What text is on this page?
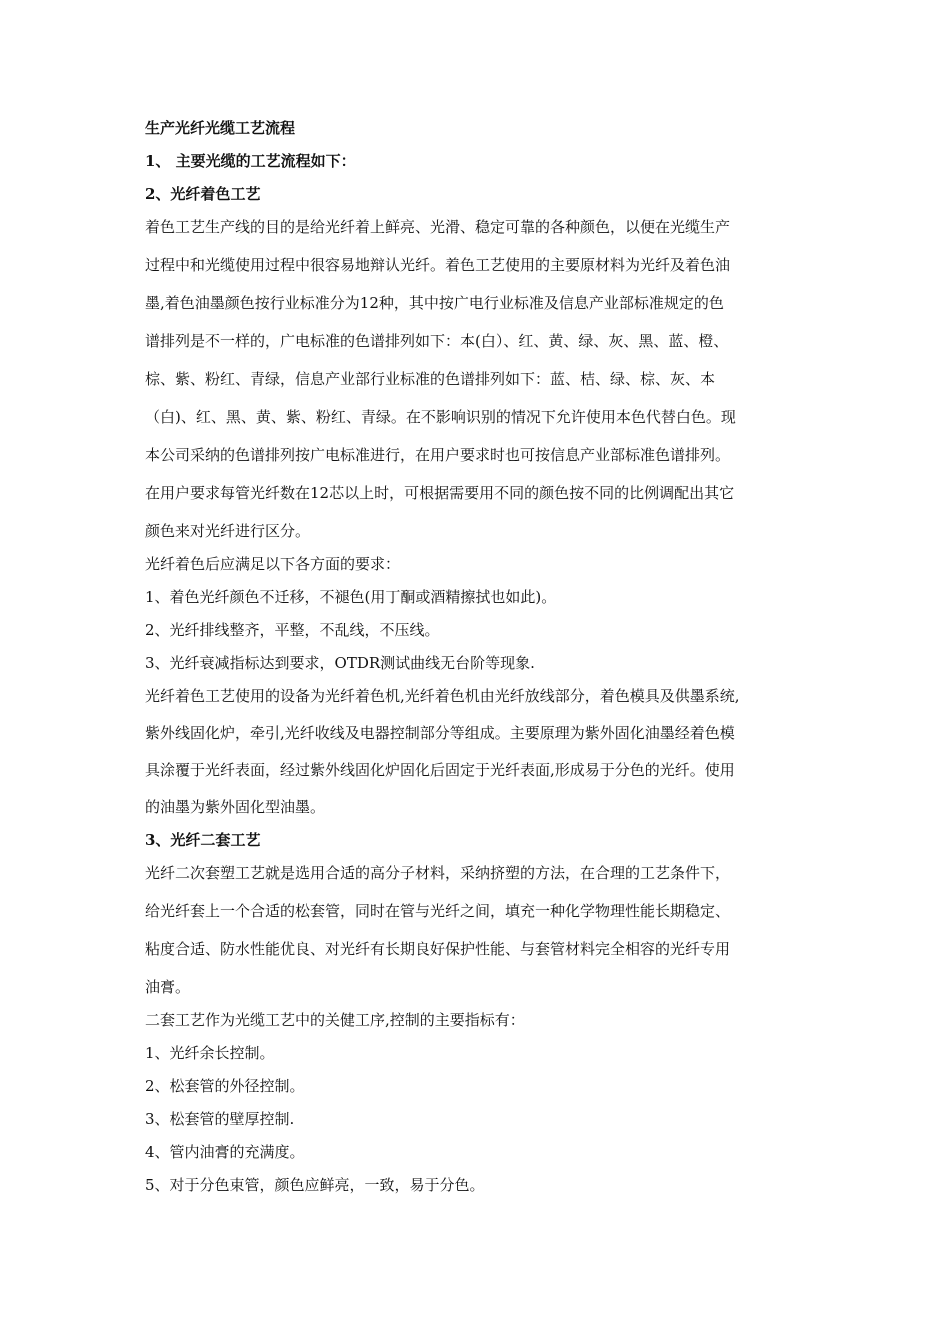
生产光纤光缆工艺流程

1、 主要光缆的工艺流程如下：

2、光纤着色工艺

着色工艺生产线的目的是给光纤着上鲜亮、光滑、稳定可靠的各种颜色，以便在光缆生产

过程中和光缆使用过程中很容易地辩认光纤。着色工艺使用的主要原材料为光纤及着色油

墨,着色油墨颜色按行业标准分为12种，其中按广电行业标准及信息产业部标准规定的色

谱排列是不一样的，广电标准的色谱排列如下：本(白）、红、黄、绿、灰、黑、蓝、橙、

棕、紫、粉红、青绿，信息产业部行业标准的色谱排列如下：蓝、桔、绿、棕、灰、本

（白)、红、黑、黄、紫、粉红、青绿。在不影响识别的情况下允许使用本色代替白色。现

本公司采纳的色谱排列按广电标准进行，在用户要求时也可按信息产业部标准色谱排列。

在用户要求每管光纤数在12芯以上时，可根据需要用不同的颜色按不同的比例调配出其它

颜色来对光纤进行区分。

光纤着色后应满足以下各方面的要求：

1、着色光纤颜色不迁移，不褪色(用丁酮或酒精擦拭也如此)。

2、光纤排线整齐，平整，不乱线，不压线。

3、光纤衰减指标达到要求，OTDR测试曲线无台阶等现象.

光纤着色工艺使用的设备为光纤着色机,光纤着色机由光纤放线部分，着色模具及供墨系统,

紫外线固化炉，牵引,光纤收线及电器控制部分等组成。主要原理为紫外固化油墨经着色模

具涂覆于光纤表面，经过紫外线固化炉固化后固定于光纤表面,形成易于分色的光纤。使用

的油墨为紫外固化型油墨。

3、光纤二套工艺

光纤二次套塑工艺就是选用合适的高分子材料，采纳挤塑的方法，在合理的工艺条件下，

给光纤套上一个合适的松套管，同时在管与光纤之间，填充一种化学物理性能长期稳定、

粘度合适、防水性能优良、对光纤有长期良好保护性能、与套管材料完全相容的光纤专用

油膏。

二套工艺作为光缆工艺中的关健工序,控制的主要指标有：

1、光纤余长控制。

2、松套管的外径控制。

3、松套管的壁厚控制.

4、管内油膏的充满度。

5、对于分色束管，颜色应鲜亮，一致，易于分色。
